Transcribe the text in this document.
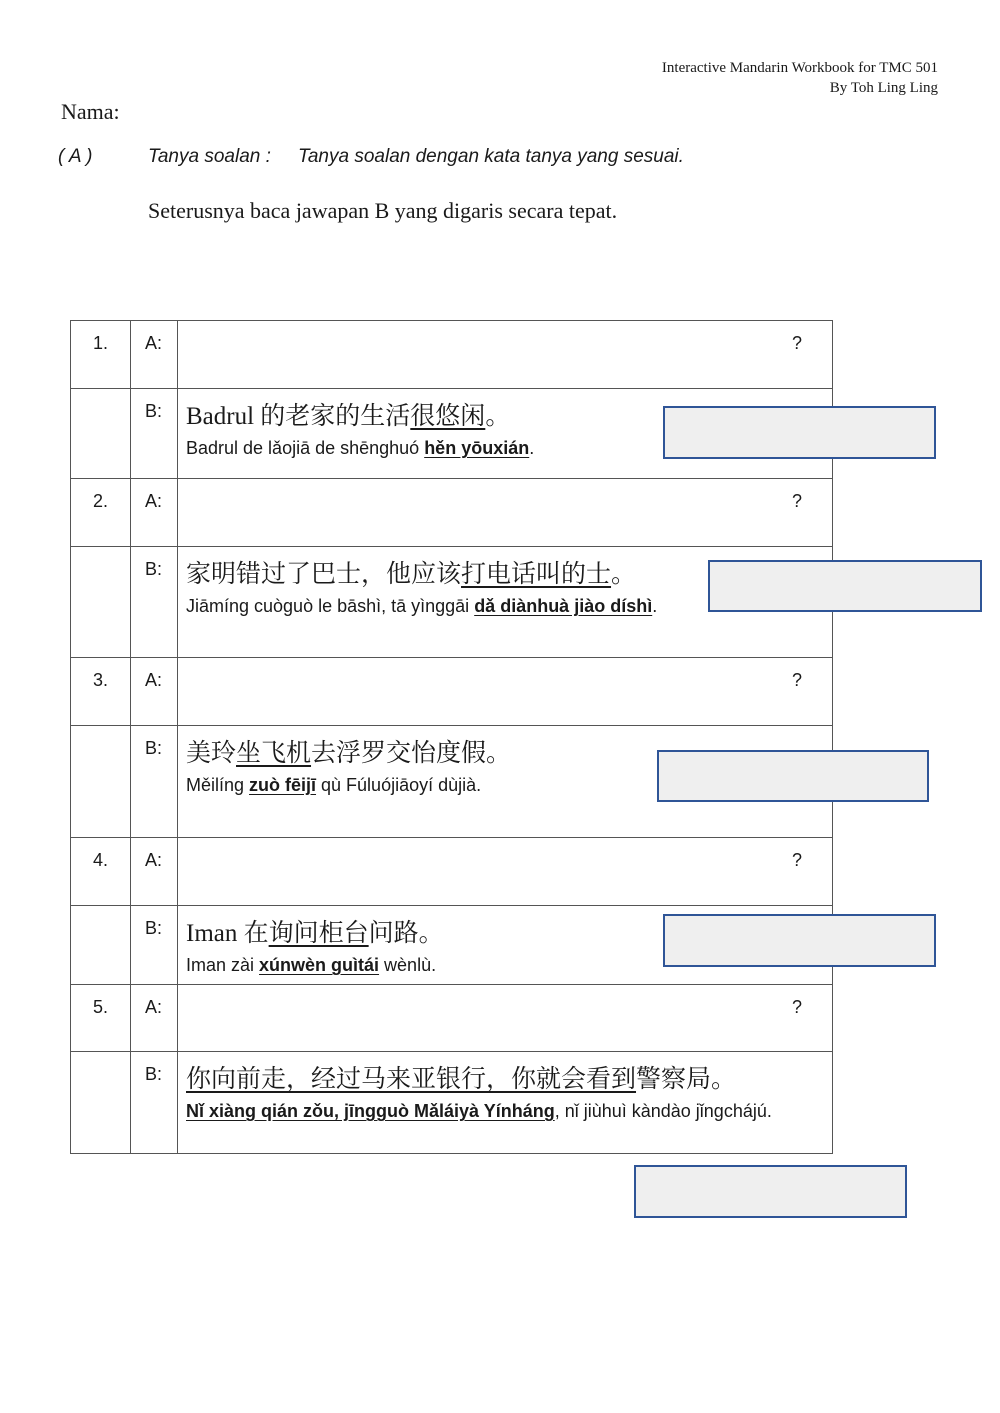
Interactive Mandarin Workbook for TMC 501
By Toh Ling Ling
Nama:
( A )	Tanya soalan : Tanya soalan dengan kata tanya yang sesuai.
Seterusnya baca jawapan B yang digaris secara tepat.
1.	A:	?

	B:	Badrul 的老家的生活很悠闲。
Badrul de lǎojiā de shēnghuó hěn yōuxián.

2.	A:	?

	B:	家明错过了巴士，他应该打电话叫的士。
Jiāmíng cuòguò le bāshì, tā yìnggāi dǎ diànhuà jiào díshì.

3.	A:	?

	B:	美玲坐飞机去浮罗交怡度假。
Měilíng zuò fēijī qù Fúluójiāoyí dùjià.

4.	A:	?

	B:	Iman 在询问柜台问路。
Iman zài xúnwèn guìtái wènlù.

5.	A:	?

	B:	你向前走，经过马来亚银行，你就会看到警察局。
Nǐ xiàng qián zǒu, jīngguò Mǎláiyà Yínháng, nǐ jiùhuì kàndào jǐngchájú.
